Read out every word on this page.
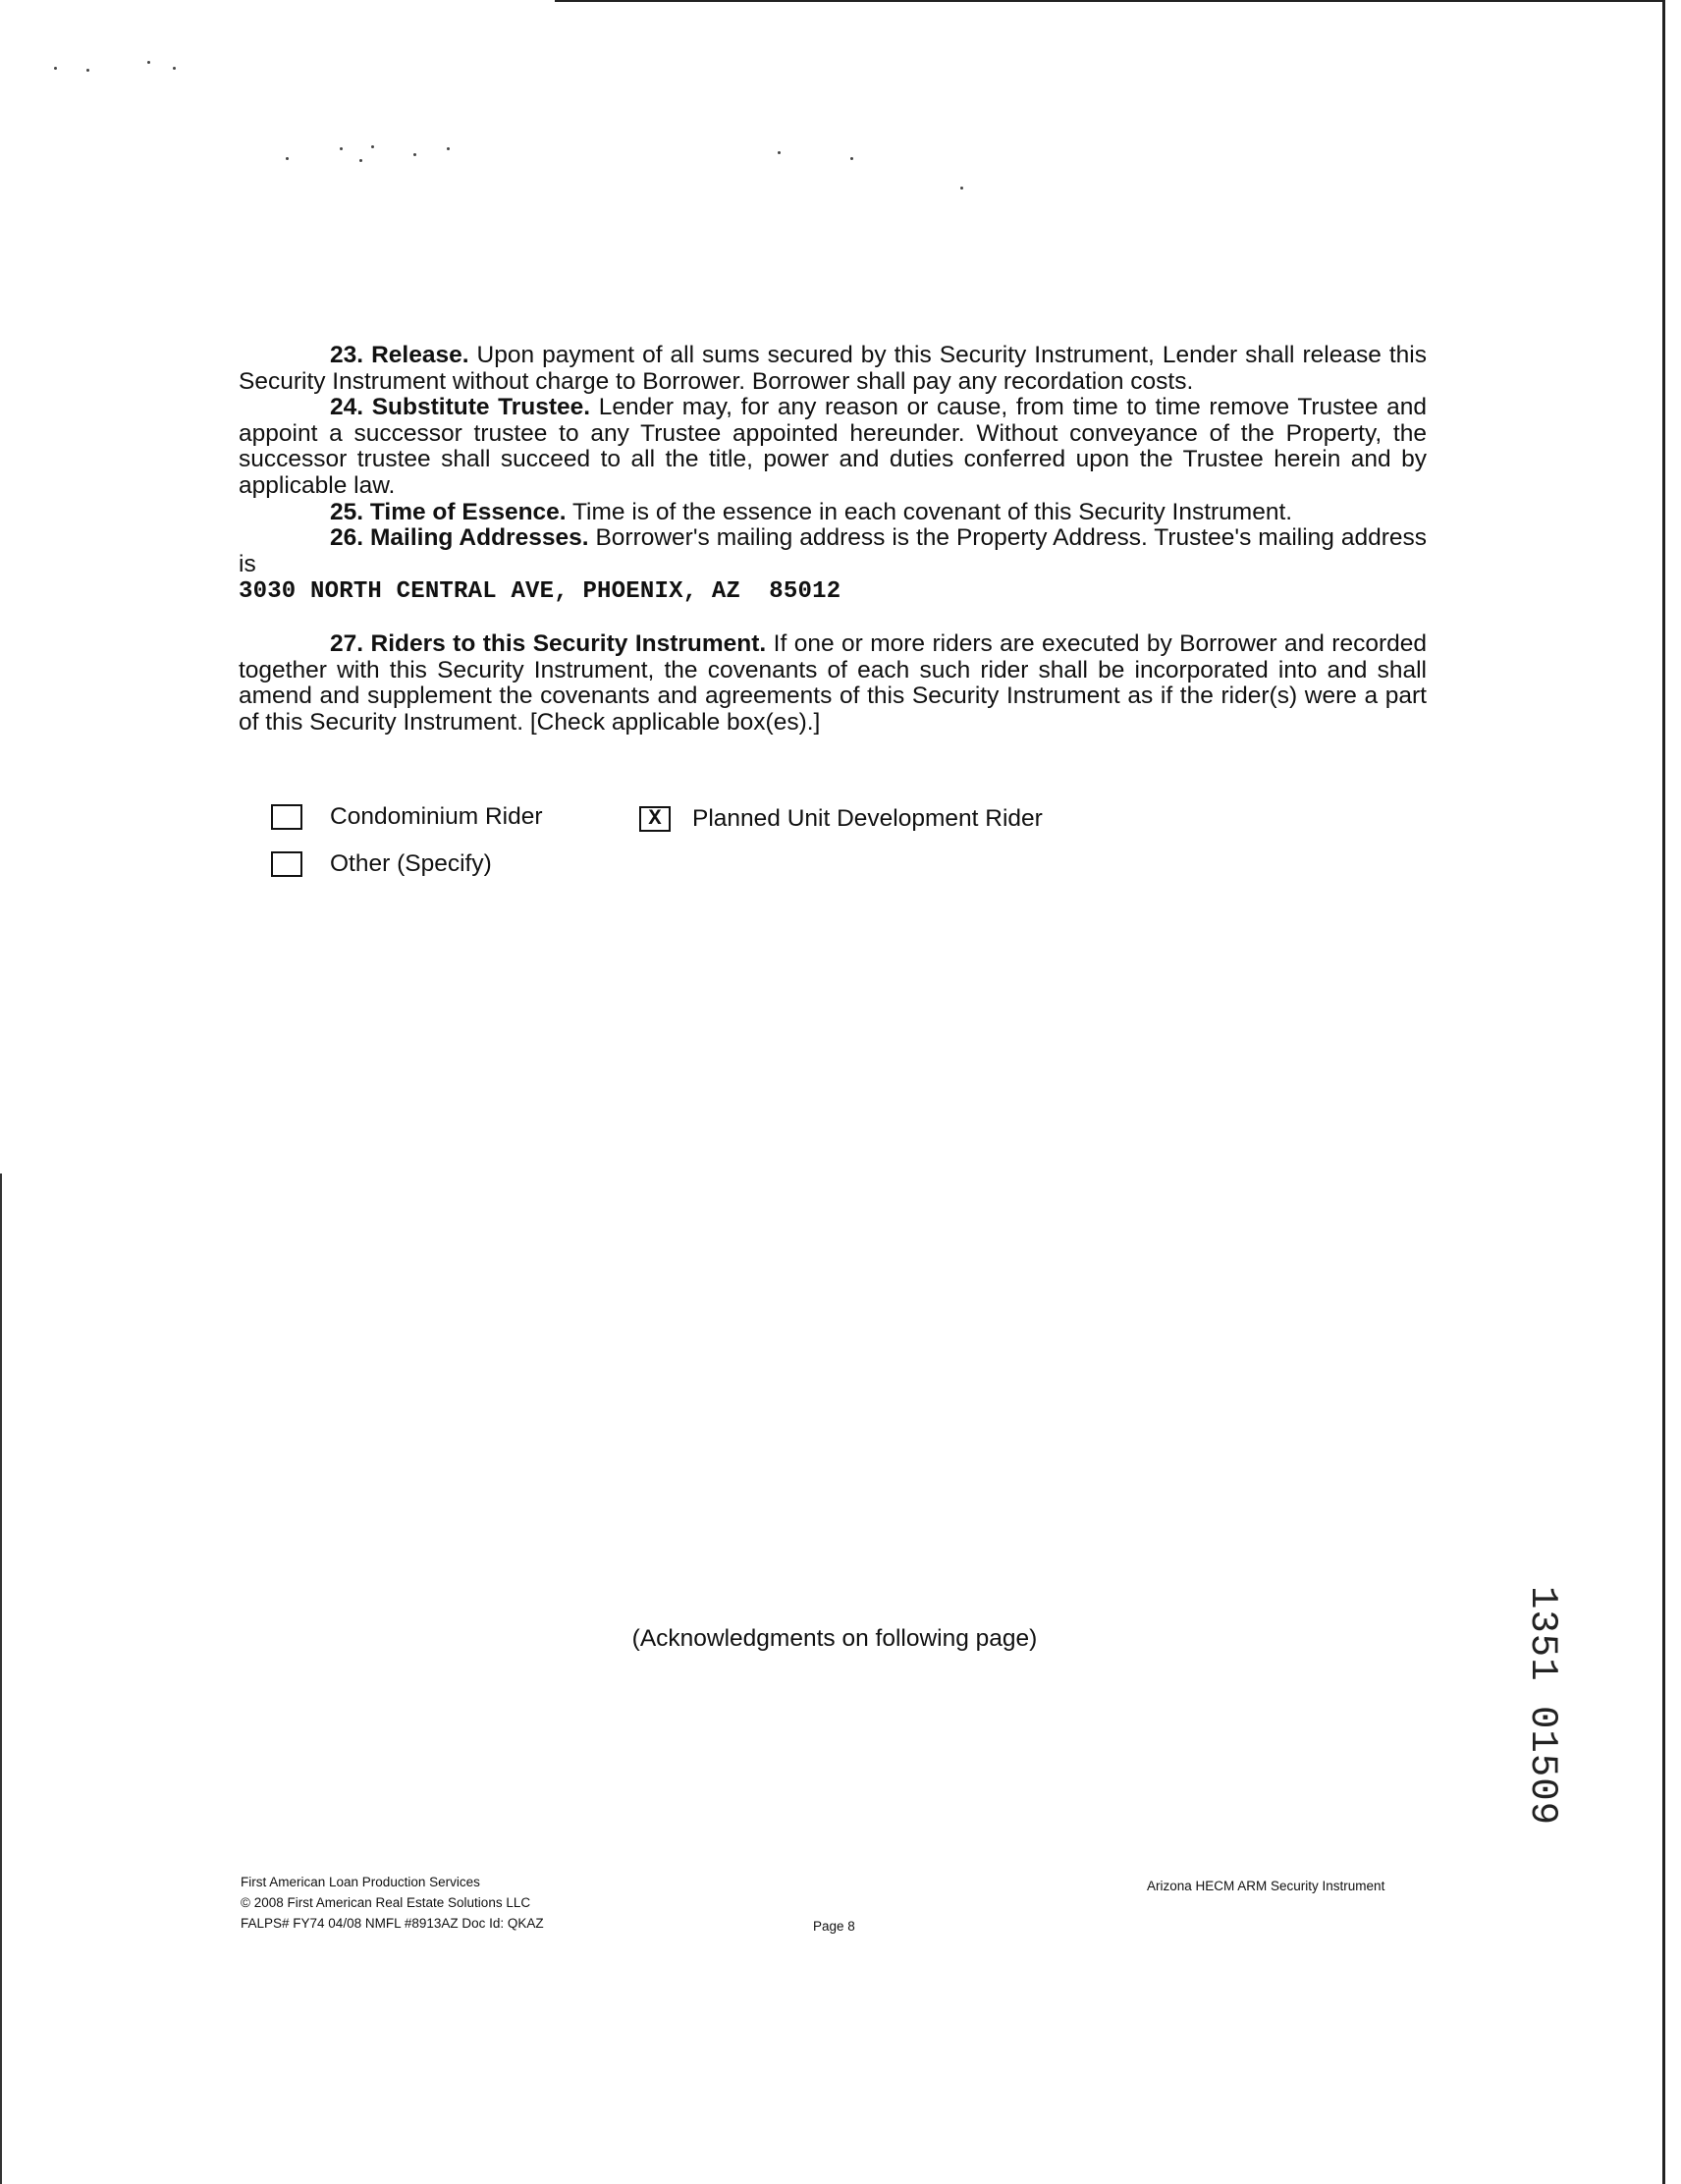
23. Release. Upon payment of all sums secured by this Security Instrument, Lender shall release this Security Instrument without charge to Borrower. Borrower shall pay any recordation costs.

24. Substitute Trustee. Lender may, for any reason or cause, from time to time remove Trustee and appoint a successor trustee to any Trustee appointed hereunder. Without conveyance of the Property, the successor trustee shall succeed to all the title, power and duties conferred upon the Trustee herein and by applicable law.

25. Time of Essence. Time is of the essence in each covenant of this Security Instrument.

26. Mailing Addresses. Borrower's mailing address is the Property Address. Trustee's mailing address is

3030 NORTH CENTRAL AVE, PHOENIX, AZ  85012

27. Riders to this Security Instrument. If one or more riders are executed by Borrower and recorded together with this Security Instrument, the covenants of each such rider shall be incorporated into and shall amend and supplement the covenants and agreements of this Security Instrument as if the rider(s) were a part of this Security Instrument. [Check applicable box(es).]

Condominium Rider	X	Planned Unit Development Rider
Other (Specify)
(Acknowledgments on following page)
First American Loan Production Services
© 2008 First American Real Estate Solutions LLC
FALPS# FY74 04/08 NMFL #8913AZ Doc Id: QKAZ	Page 8
Arizona HECM ARM Security Instrument
1351 01509
